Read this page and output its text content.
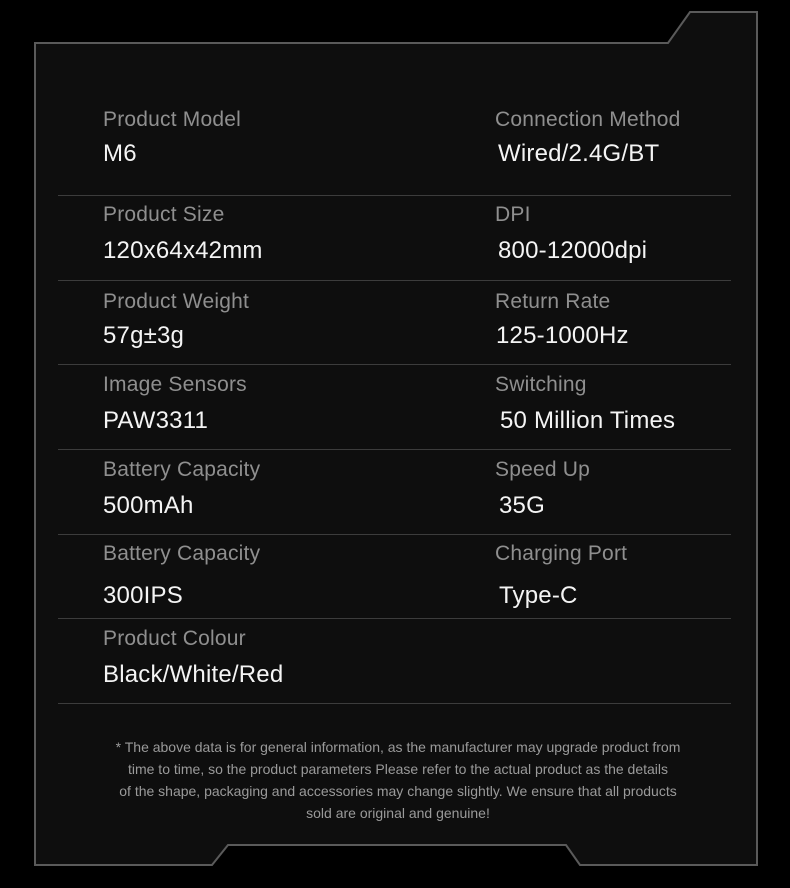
Product Model
M6
Connection Method
Wired/2.4G/BT
Product Size
120x64x42mm
DPI
800-12000dpi
Product Weight
57g±3g
Return Rate
125-1000Hz
Image Sensors
PAW3311
Switching
50 Million Times
Battery Capacity
500mAh
Speed Up
35G
Battery Capacity
300IPS
Charging Port
Type-C
Product Colour
Black/White/Red

* The above data is for general information, as the manufacturer may upgrade product from

time to time, so the product parameters Please refer to the actual product as the details

of the shape, packaging and accessories may change slightly. We ensure that all products

sold are original and genuine!
